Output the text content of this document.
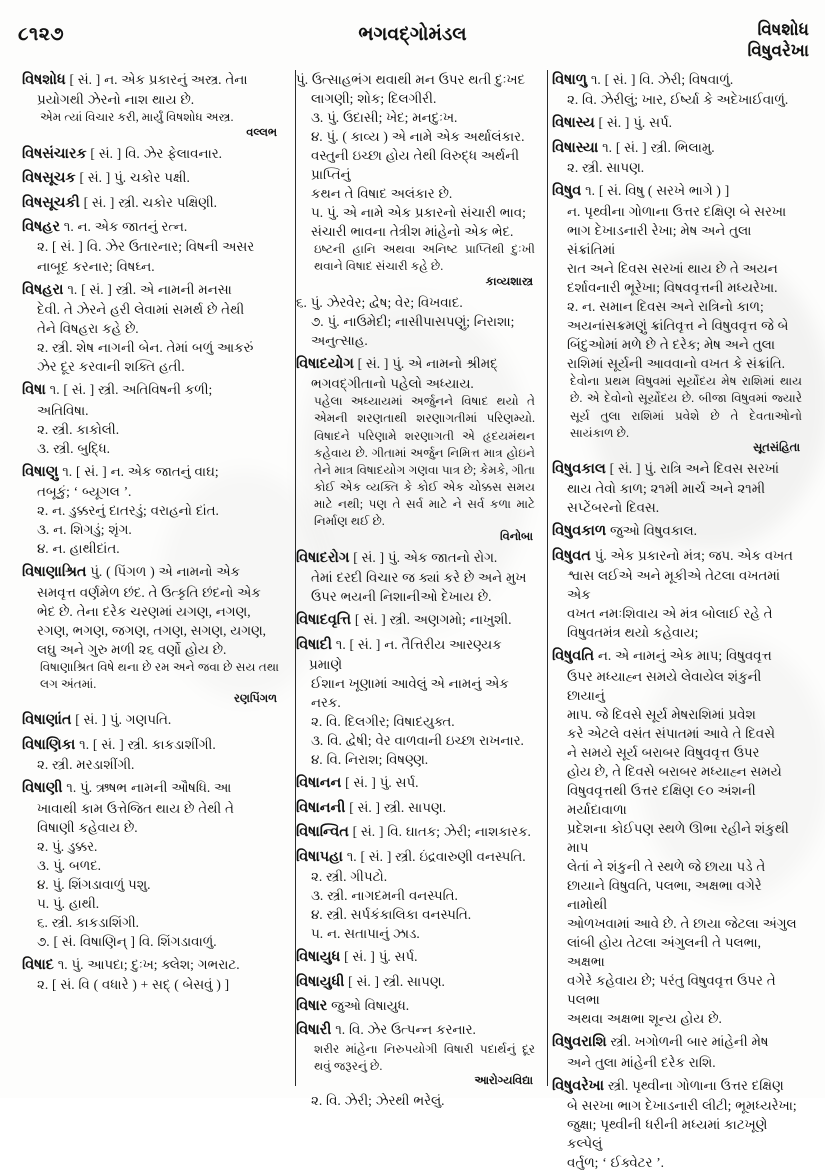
૮૧૨૭	ભગવદ્ગોમંડલ	વિષશોધ
વિષુવરેખા
વિષશોધ [ સં. ] ન. એક પ્રકારનું અસ્ત્ર. તેના
પ્રયોગથી ઝેરનો નાશ થાય છે.
એમ ત્યાં વિચાર કરી, માર્યું વિષશોધ અસ્ત્ર.
વલ્લભ
વિષસંચારક [ સં. ] વિ. ઝેર ફેલાવનાર.
વિષસૂચક [ સં. ] પું. ચકોર પક્ષી.
વિષસૂચકી [ સં. ] સ્ત્રી. ચકોર પક્ષિણી.
વિષહર ૧. ન. એક જાતનું રત્ન.
૨. [ સં. ] વિ. ઝેર ઉતારનાર; વિષની અસર
નાબૂદ કરનાર; વિષઘ્ન.
વિષહરા ૧. [ સં. ] સ્ત્રી. એ નામની મનસા
દેવી. તે ઝેરને હરી લેવામાં સમર્થ છે તેથી
તેને વિષહરા કહે છે.
૨. સ્ત્રી. શેષ નાગની બેન. તેમાં બળું આકરું
ઝેર દૂર કરવાની શક્તિ હતી.
વિષા ૧. [ સં. ] સ્ત્રી. અતિવિષની કળી;
અતિવિષા.
૨. સ્ત્રી. કાકોલી.
૩. સ્ત્રી. બુદ્ધિ.
વિષાણુ ૧. [ સં. ] ન. એક જાતનું વાઘ;
તબૂકું; ‘ બ્યૂગલ ’.
૨. ન. ડુક્કરનું દાતરડું; વરાહનો દાંત.
૩. ન. શિગડું; શૃંગ.
૪. ન. હાથીદાંત.
વિષાણાશ્રિત પું. ( પિંગળ ) એ નામનો એક
સમવૃત્ત વર્ણમેળ છંદ. તે ઉત્કૃતિ છંદનો એક
ભેદ છે. તેના દરેક ચરણમાં યગણ, નગણ,
રગણ, ભગણ, જગણ, તગણ, સગણ, યગણ,
લઘુ અને ગુરુ મળી ૨૬ વર્ણો હોય છે.
વિષાણાશ્રિત વિષે થના છે રમ અને જવા છે સય તથા લગ અંતમાં.
રણપિંગળ
વિષાણાંત [ સં. ] પું. ગણપતિ.
વિષાણિકા ૧. [ સં. ] સ્ત્રી. કાકડાશીંગી.
૨. સ્ત્રી. મરડાશીંગી.
વિષાણી ૧. પું. ઋષભ નામની ઔષધિ. આ
ખાવાથી કામ ઉત્તેજિત થાય છે તેથી તે
વિષાણી કહેવાય છે.
૨. પું. ડુક્કર.
૩. પું. બળદ.
૪. પું. શિંગડાવાળું પશુ.
૫. પું. હાથી.
૬. સ્ત્રી. કાકડાશિંગી.
૭. [ સં. વિષાણિન્ ] વિ. શિંગડાવાળું.
વિષાદ ૧. પું. આપદા; દુઃખ; ક્લેશ; ગભરાટ.
૨. [ સં. વિ ( વધારે ) + સદ્ ( બેસવું ) ]
પું. ઉત્સાહભંગ થવાથી મન ઉપર થતી દુઃખદ
લાગણી; શોક; દિલગીરી.
૩. પું. ઉદાસી; ખેદ; મનદુઃખ.
૪. પું. ( કાવ્ય ) એ નામે એક અર્થાલંકાર.
વસ્તુની ઇચ્છા હોય તેથી વિરુદ્ધ અર્થની પ્રાપ્તિનું
કથન તે વિષાદ અલંકાર છે.
૫. પું. એ નામે એક પ્રકારનો સંચારી ભાવ;
સંચારી ભાવના તેત્રીશ માંહેનો એક ભેદ.
ઇષ્ટની હાનિ અથવા અનિષ્ટ પ્રાપ્તિથી દુઃખી થવાને વિષાદ સંચારી કહે છે.
કાવ્યશાસ્ત્ર
૬. પું. ઝેરવેર; દ્વેષ; વેર; વિખવાદ.
૭. પું. નાઉમેદી; નાસીપાસપણું; નિરાશા;
અનુત્સાહ.
વિષાદયોગ [ સં. ] પું. એ નામનો શ્રીમદ્
ભગવદ્ગીતાનો પહેલો અધ્યાય.
પહેલા અધ્યાયમાં અર્જુનને વિષાદ થયો તે એમની શરણતાથી શરણાગતીમાં પરિણમ્યો. વિષાદને પરિણામે શરણાગતી એ હૃદયમંથન કહેવાય છે. ગીતામાં અર્જુન નિમિત્ત માત્ર હોઇને તેને માત્ર વિષાદયોગ ગણવા પાત્ર છે; કેમકે, ગીતા કોઈ એક વ્યક્તિ કે કોઈ એક ચોક્કસ સમય માટે નથી; પણ તે સર્વ માટે ને સર્વ કળા માટે નિર્માણ થઈ છે.
વિનોબા
વિષાદરોગ [ સં. ] પું. એક જાતનો રોગ.
તેમાં દરદી વિચાર જ ક્યાં કરે છે અને મુખ
ઉપર ભયની નિશાનીઓ દેખાય છે.
વિષાદવૃત્તિ [ સં. ] સ્ત્રી. અણગમો; નાખુશી.
વિષાદી ૧. [ સં. ] ન. તૈત્તિરીય આરણ્યક પ્રમાણે
ઈશાન ખૂણામાં આવેલું એ નામનું એક નરક.
૨. વિ. દિલગીર; વિષાદયુક્ત.
૩. વિ. દ્વેષી; વેર વાળવાની ઇચ્છા રાખનાર.
૪. વિ. નિરાશ; વિષણ્ણ.
વિષાનન [ સં. ] પું. સર્પ.
વિષાનની [ સં. ] સ્ત્રી. સાપણ.
વિષાન્વિત [ સં. ] વિ. ઘાતક; ઝેરી; નાશકારક.
વિષાપહા ૧. [ સં. ] સ્ત્રી. ઇંદ્રવારુણી વનસ્પતિ.
૨. સ્ત્રી. ગીપટો.
૩. સ્ત્રી. નાગદમની વનસ્પતિ.
૪. સ્ત્રી. સર્પકંકાલિકા વનસ્પતિ.
૫. ન. સતાપાનું ઝાડ.
વિષાયુધ [ સં. ] પું. સર્પ.
વિષાયુધી [ સં. ] સ્ત્રી. સાપણ.
વિષાર જુઓ વિષાયુધ.
વિષારી ૧. વિ. ઝેર ઉત્પન્ન કરનાર.
શરીર માંહેના નિરુપયોગી વિષારી પદાર્થનું દૂર થવું જરૂરનું છે.
આરોગ્યવિદ્યા
૨. વિ. ઝેરી; ઝેરથી ભરેલું.
વિષાળુ ૧. [ સં. ] વિ. ઝેરી; વિષવાળું.
૨. વિ. ઝેરીલું; ખાર, ઈર્ષ્યા કે અદેખાઈવાળું.
વિષાસ્ય [ સં. ] પું. સર્પ.
વિષાસ્યા ૧. [ સં. ] સ્ત્રી. ભિલામુ.
૨. સ્ત્રી. સાપણ.
વિષુવ ૧. [ સં. વિષુ ( સરખે ભાગે ) ]
ન. પૃથ્વીના ગોળાના ઉત્તર દક્ષિણ બે સરખા
ભાગ દેખાડનારી રેખા; મેષ અને તુલા સંક્રાંતિમાં
રાત અને દિવસ સરખાં થાય છે તે અયન
દર્શાવનારી ભૂરેખા; વિષવવૃત્તની મધ્યરેખા.
૨. ન. સમાન દિવસ અને રાત્રિનો કાળ;
અયનાંસક્રમણું ક્રાંતિવૃત્ત ને વિષુવવૃત્ત જે બે
બિંદુઓમાં મળે છે તે દરેક; મેષ અને તુલા
રાશિમાં સૂર્યની આવવાનો વખત કે સંક્રાંતિ.
દેવોના પ્રથમ વિષુવમાં સૂર્યોદય મેષ રાશિમાં થાય છે. એ દેવોનો સૂર્યોદય છે. બીજા વિષુવમાં જ્યારે સૂર્ય તુલા રાશિમાં પ્રવેશે છે તે દેવતાઓનો સાયંકાળ છે.
સૂતસંહિતા
વિષુવકાલ [ સં. ] પું. રાત્રિ અને દિવસ સરખાં
થાય તેવો કાળ; ૨૧મી માર્ચ અને ૨૧મી
સપ્ટેંબરનો દિવસ.
વિષુવકાળ જુઓ વિષુવકાલ.
વિષુવત પું. એક પ્રકારનો મંત્ર; જપ. એક વખત
શ્વાસ લઈએ અને મૂકીએ તેટલા વખતમાં એક
વખત નમઃશિવાય એ મંત્ર બોલાઈ રહે તે
વિષુવતમંત્ર થયો કહેવાય;
વિષુવતિ ન. એ નામનું એક માપ; વિષુવવૃત્ત
ઉપર મધ્યાહ્ન સમયે લેવાયેલ શંકુની છાયાનું
માપ. જે દિવસે સૂર્ય મેષરાશિમાં પ્રવેશ
કરે એટલે વસંત સંપાતમાં આવે તે દિવસે
ને સમયે સૂર્ય બરાબર વિષુવવૃત્ત ઉપર
હોય છે, તે દિવસે બરાબર મધ્યાહ્ન સમયે
વિષુવવૃત્તથી ઉત્તર દક્ષિણ ૯૦ અંશની મર્યાદાવાળા
પ્રદેશના કોઈપણ સ્થળે ઊભા રહીને શંકુથી માપ
લેતાં ને શંકુની તે સ્થળે જે છાયા પડે તે
છાયાને વિષુવતિ, પલભા, અક્ષભા વગેરે નામોથી
ઓળખવામાં આવે છે. તે છાયા જેટલા અંગુલ
લાંબી હોય તેટલા અંગુલની તે પલભા, અક્ષભા
વગેરે કહેવાય છે; પરંતુ વિષુવવૃત્ત ઉપર તે પલભા
અથવા અક્ષભા શૂન્ય હોય છે.
વિષુવરાશિ સ્ત્રી. ખગોળની બાર માંહેની મેષ
અને તુલા માંહેની દરેક રાશિ.
વિષુવરેખા સ્ત્રી. પૃથ્વીના ગોળાના ઉત્તર દક્ષિણ
બે સરખા ભાગ દેખાડનારી લીટી; ભૂમધ્યરેખા;
જુક્ષા; પૃથ્વીની ધરીની મધ્યમાં કાટખૂણે કલ્પેલું
વર્તુળ; ‘ ઈક્વેટર ’.
